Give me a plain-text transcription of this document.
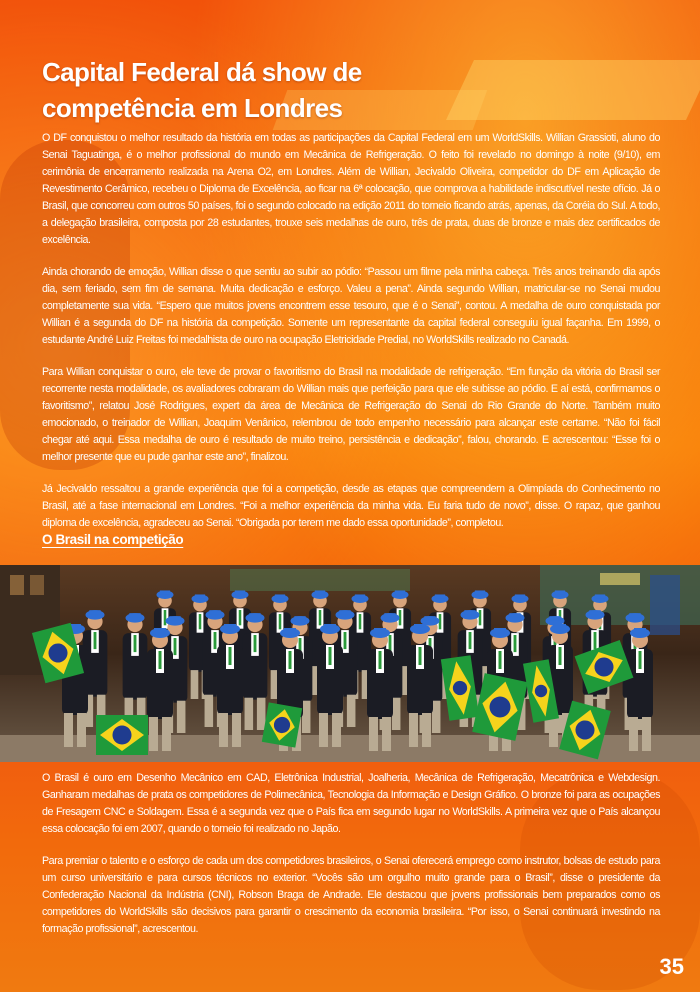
Capital Federal dá show de
competência em Londres

O DF conquistou o melhor resultado da história em todas as participações da Capital Federal em um WorldSkills. Willian Grassioti, aluno do Senai Taguatinga, é o melhor profissional do mundo em Mecânica de Refrigeração. O feito foi revelado no domingo à noite (9/10), em cerimônia de encerramento realizada na Arena O2, em Londres. Além de Willian, Jecivaldo Oliveira, competidor do DF em Aplicação de Revestimento Cerâmico, recebeu o Diploma de Excelência, ao ficar na 6ª colocação, que comprova a habilidade indiscutível neste ofício. Já o Brasil, que concorreu com outros 50 países, foi o segundo colocado na edição 2011 do torneio ficando atrás, apenas, da Coréia do Sul. A todo, a delegação brasileira, composta por 28 estudantes, trouxe seis medalhas de ouro, três de prata, duas de bronze e mais dez certificados de excelência.

Ainda chorando de emoção, Willian disse o que sentiu ao subir ao pódio: “Passou um filme pela minha cabeça. Três anos treinando dia após dia, sem feriado, sem fim de semana. Muita dedicação e esforço. Valeu a pena”. Ainda segundo Willian, matricular-se no Senai mudou completamente sua vida. “Espero que muitos jovens encontrem esse tesouro, que é o Senai”, contou. A medalha de ouro conquistada por Willian é a segunda do DF na história da competição. Somente um representante da capital federal conseguiu igual façanha. Em 1999, o estudante André Luiz Freitas foi medalhista de ouro na ocupação Eletricidade Predial, no WorldSkills realizado no Canadá.

Para Willian conquistar o ouro, ele teve de provar o favoritismo do Brasil na modalidade de refrigeração. “Em função da vitória do Brasil ser recorrente nesta modalidade, os avaliadores cobraram do Willian mais que perfeição para que ele subisse ao pódio. E aí está, confirmamos o favoritismo”, relatou José Rodrigues, expert da área de Mecânica de Refrigeração do Senai do Rio Grande do Norte. Também muito emocionado, o treinador de Willian, Joaquim Venânico, relembrou de todo empenho necessário para alcançar este certame. “Não foi fácil chegar até aqui. Essa medalha de ouro é resultado de muito treino, persistência e dedicação”, falou, chorando. E acrescentou: “Esse foi o melhor presente que eu pude ganhar este ano”, finalizou.

Já Jecivaldo ressaltou a grande experiência que foi a competição, desde as etapas que compreendem a Olimpíada do Conhecimento no Brasil, até a fase internacional em Londres. “Foi a melhor experiência da minha vida. Eu faria tudo de novo”, disse. O rapaz, que ganhou diploma de excelência, agradeceu ao Senai. “Obrigada por terem me dado essa oportunidade”, completou.

O Brasil na competição

O Brasil é ouro em Desenho Mecânico em CAD, Eletrônica Industrial, Joalheria, Mecânica de Refrigeração, Mecatrônica e Webdesign. Ganharam medalhas de prata os competidores de Polimecânica, Tecnologia da Informação e Design Gráfico. O bronze foi para as ocupações de Fresagem CNC e Soldagem. Essa é a segunda vez que o País fica em segundo lugar no WorldSkills. A primeira vez que o País alcançou essa colocação foi em 2007, quando o torneio foi realizado no Japão.

Para premiar o talento e o esforço de cada um dos competidores brasileiros, o Senai oferecerá emprego como instrutor, bolsas de estudo para um curso universitário e para cursos técnicos no exterior. “Vocês são um orgulho muito grande para o Brasil”, disse o presidente da Confederação Nacional da Indústria (CNI), Robson Braga de Andrade. Ele destacou que jovens profissionais bem preparados como os competidores do WorldSkills são decisivos para garantir o crescimento da economia brasileira. “Por isso, o Senai continuará investindo na formação profissional”, acrescentou.

35
